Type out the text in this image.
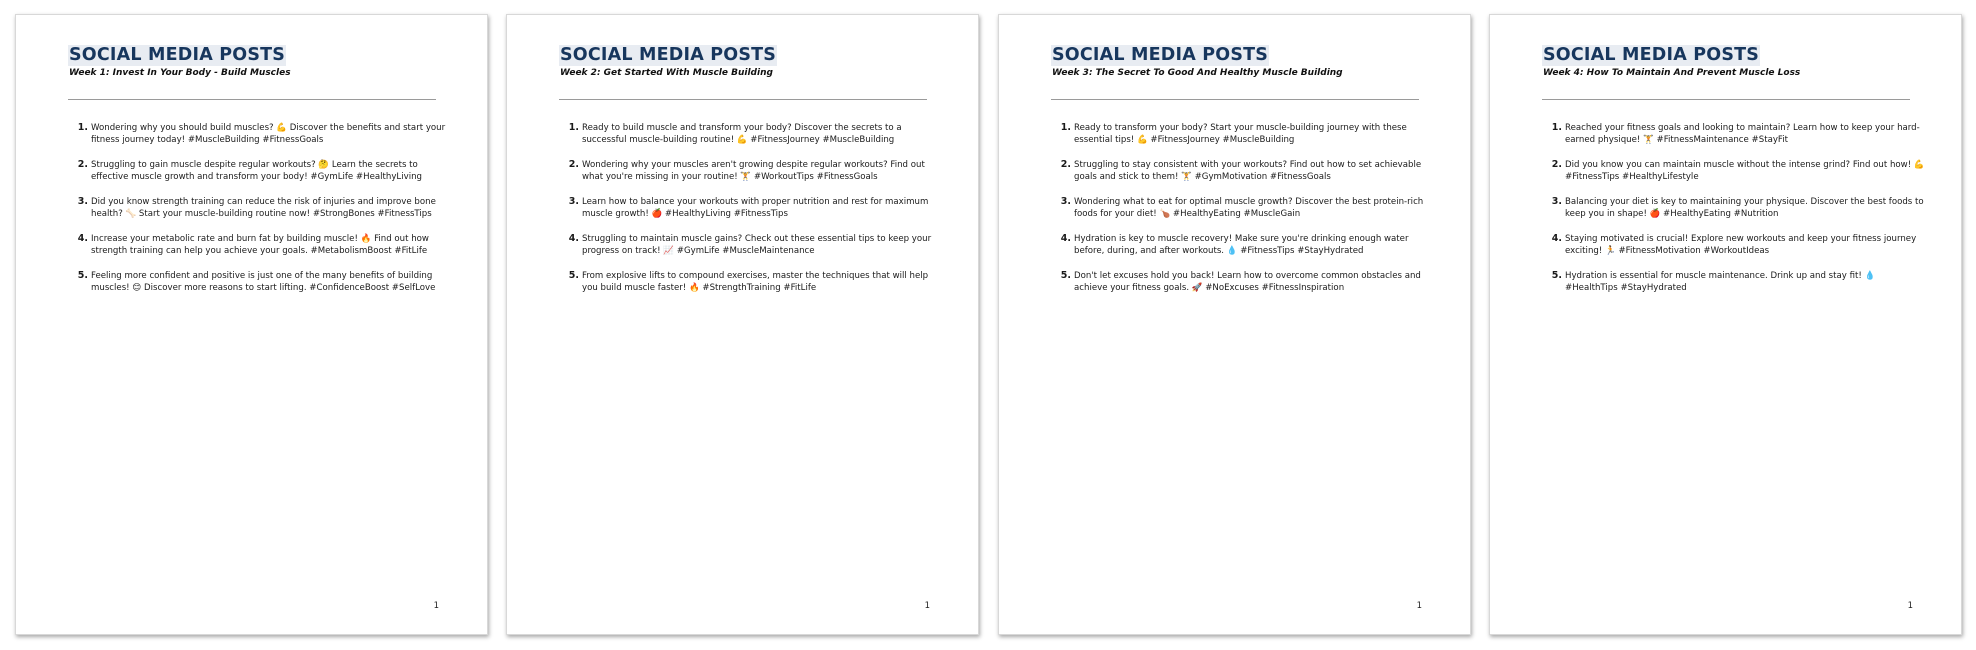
SOCIAL MEDIA POSTS
Week 1: Invest In Your Body - Build Muscles
1. Wondering why you should build muscles? 💪 Discover the benefits and start your fitness journey today! #MuscleBuilding #FitnessGoals
2. Struggling to gain muscle despite regular workouts? 🤔 Learn the secrets to effective muscle growth and transform your body! #GymLife #HealthyLiving
3. Did you know strength training can reduce the risk of injuries and improve bone health? 🦴 Start your muscle-building routine now! #StrongBones #FitnessTips
4. Increase your metabolic rate and burn fat by building muscle! 🔥 Find out how strength training can help you achieve your goals. #MetabolismBoost #FitLife
5. Feeling more confident and positive is just one of the many benefits of building muscles! 😊 Discover more reasons to start lifting. #ConfidenceBoost #SelfLove
1
SOCIAL MEDIA POSTS
Week 2: Get Started With Muscle Building
1. Ready to build muscle and transform your body? Discover the secrets to a successful muscle-building routine! 💪 #FitnessJourney #MuscleBuilding
2. Wondering why your muscles aren't growing despite regular workouts? Find out what you're missing in your routine! 🏋️ #WorkoutTips #FitnessGoals
3. Learn how to balance your workouts with proper nutrition and rest for maximum muscle growth! 🍎 #HealthyLiving #FitnessTips
4. Struggling to maintain muscle gains? Check out these essential tips to keep your progress on track! 📈 #GymLife #MuscleMaintenance
5. From explosive lifts to compound exercises, master the techniques that will help you build muscle faster! 🔥 #StrengthTraining #FitLife
1
SOCIAL MEDIA POSTS
Week 3: The Secret To Good And Healthy Muscle Building
1. Ready to transform your body? Start your muscle-building journey with these essential tips! 💪 #FitnessJourney #MuscleBuilding
2. Struggling to stay consistent with your workouts? Find out how to set achievable goals and stick to them! 🏋️ #GymMotivation #FitnessGoals
3. Wondering what to eat for optimal muscle growth? Discover the best protein-rich foods for your diet! 🍗 #HealthyEating #MuscleGain
4. Hydration is key to muscle recovery! Make sure you're drinking enough water before, during, and after workouts. 💧 #FitnessTips #StayHydrated
5. Don't let excuses hold you back! Learn how to overcome common obstacles and achieve your fitness goals. 🚀 #NoExcuses #FitnessInspiration
1
SOCIAL MEDIA POSTS
Week 4: How To Maintain And Prevent Muscle Loss
1. Reached your fitness goals and looking to maintain? Learn how to keep your hard-earned physique! 🏋️ #FitnessMaintenance #StayFit
2. Did you know you can maintain muscle without the intense grind? Find out how! 💪 #FitnessTips #HealthyLifestyle
3. Balancing your diet is key to maintaining your physique. Discover the best foods to keep you in shape! 🍎 #HealthyEating #Nutrition
4. Staying motivated is crucial! Explore new workouts and keep your fitness journey exciting! 🏃 #FitnessMotivation #WorkoutIdeas
5. Hydration is essential for muscle maintenance. Drink up and stay fit! 💧 #HealthTips #StayHydrated
1
